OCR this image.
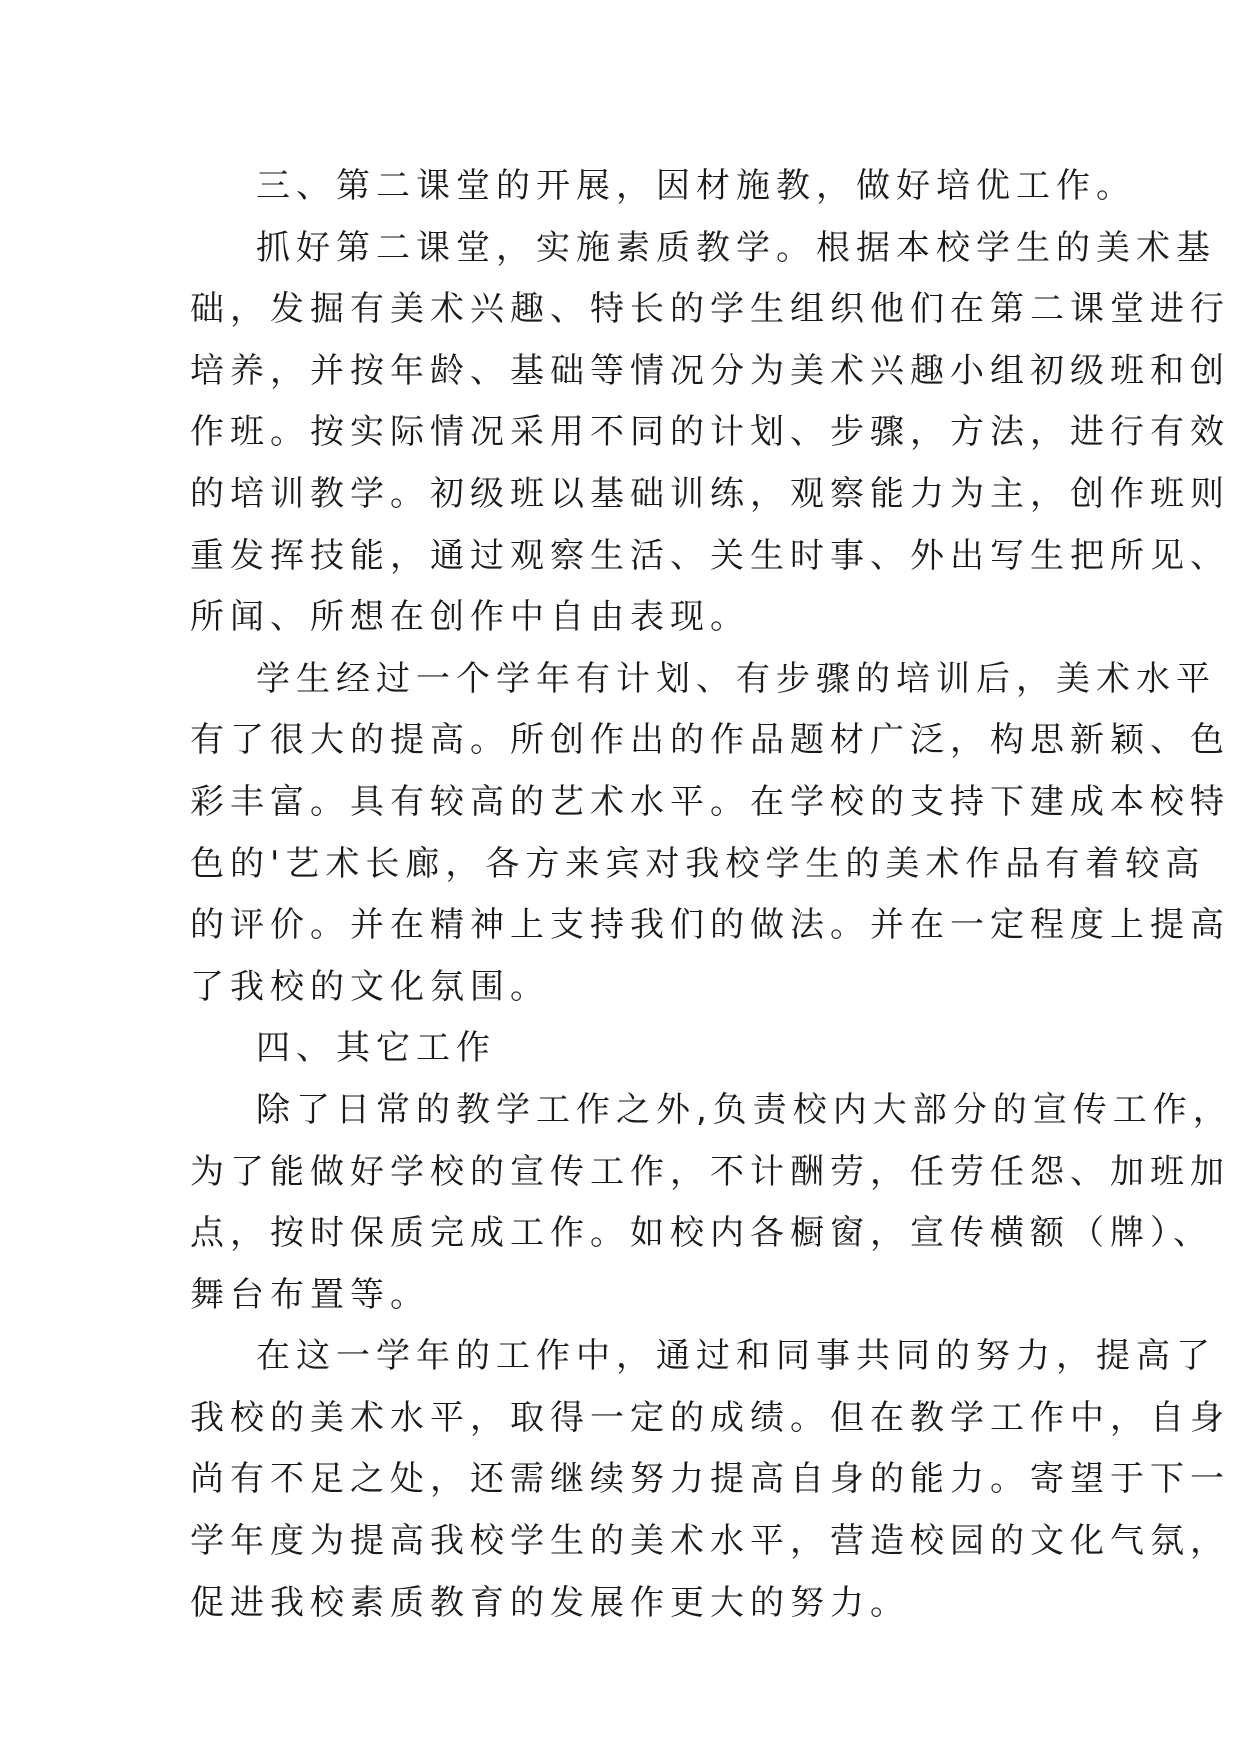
三、第二课堂的开展，因材施教，做好培优工作。
抓好第二课堂，实施素质教学。根据本校学生的美术基
础，发掘有美术兴趣、特长的学生组织他们在第二课堂进行
培养，并按年龄、基础等情况分为美术兴趣小组初级班和创
作班。按实际情况采用不同的计划、步骤，方法，进行有效
的培训教学。初级班以基础训练，观察能力为主，创作班则
重发挥技能，通过观察生活、关生时事、外出写生把所见、
所闻、所想在创作中自由表现。
学生经过一个学年有计划、有步骤的培训后，美术水平
有了很大的提高。所创作出的作品题材广泛，构思新颖、色
彩丰富。具有较高的艺术水平。在学校的支持下建成本校特
色的'艺术长廊，各方来宾对我校学生的美术作品有着较高
的评价。并在精神上支持我们的做法。并在一定程度上提高
了我校的文化氛围。
四、其它工作
除了日常的教学工作之外,负责校内大部分的宣传工作，
为了能做好学校的宣传工作，不计酬劳，任劳任怨、加班加
点，按时保质完成工作。如校内各橱窗，宣传横额（牌）、
舞台布置等。
在这一学年的工作中，通过和同事共同的努力，提高了
我校的美术水平，取得一定的成绩。但在教学工作中，自身
尚有不足之处，还需继续努力提高自身的能力。寄望于下一
学年度为提高我校学生的美术水平，营造校园的文化气氛，
促进我校素质教育的发展作更大的努力。
